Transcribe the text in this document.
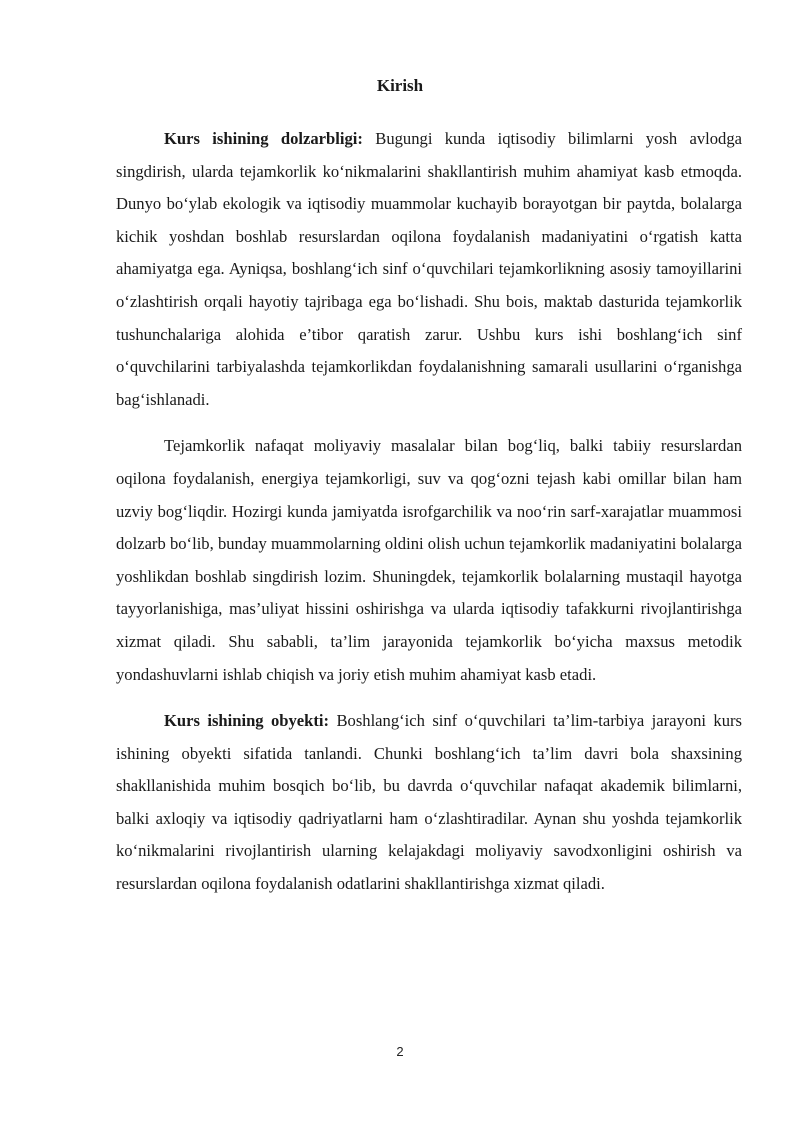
Kirish

Kurs ishining dolzarbligi: Bugungi kunda iqtisodiy bilimlarni yosh avlodga singdirish, ularda tejamkorlik ko‘nikmalarini shakllantirish muhim ahamiyat kasb etmoqda. Dunyo bo‘ylab ekologik va iqtisodiy muammolar kuchayib borayotgan bir paytda, bolalarga kichik yoshdan boshlab resurslardan oqilona foydalanish madaniyatini o‘rgatish katta ahamiyatga ega. Ayniqsa, boshlang‘ich sinf o‘quvchilari tejamkorlikning asosiy tamoyillarini o‘zlashtirish orqali hayotiy tajribaga ega bo‘lishadi. Shu bois, maktab dasturida tejamkorlik tushunchalariga alohida e’tibor qaratish zarur. Ushbu kurs ishi boshlang‘ich sinf o‘quvchilarini tarbiyalashda tejamkorlikdan foydalanishning samarali usullarini o‘rganishga bag‘ishlanadi.

Tejamkorlik nafaqat moliyaviy masalalar bilan bog‘liq, balki tabiiy resurslardan oqilona foydalanish, energiya tejamkorligi, suv va qog‘ozni tejash kabi omillar bilan ham uzviy bog‘liqdir. Hozirgi kunda jamiyatda isrofgarchilik va noo‘rin sarf-xarajatlar muammosi dolzarb bo‘lib, bunday muammolarning oldini olish uchun tejamkorlik madaniyatini bolalarga yoshlikdan boshlab singdirish lozim. Shuningdek, tejamkorlik bolalarning mustaqil hayotga tayyorlanishiga, mas’uliyat hissini oshirishga va ularda iqtisodiy tafakkurni rivojlantirishga xizmat qiladi. Shu sababli, ta’lim jarayonida tejamkorlik bo‘yicha maxsus metodik yondashuvlarni ishlab chiqish va joriy etish muhim ahamiyat kasb etadi.

Kurs ishining obyekti: Boshlang‘ich sinf o‘quvchilari ta’lim-tarbiya jarayoni kurs ishining obyekti sifatida tanlandi. Chunki boshlang‘ich ta’lim davri bola shaxsining shakllanishida muhim bosqich bo‘lib, bu davrda o‘quvchilar nafaqat akademik bilimlarni, balki axloqiy va iqtisodiy qadriyatlarni ham o‘zlashtiradilar. Aynan shu yoshda tejamkorlik ko‘nikmalarini rivojlantirish ularning kelajakdagi moliyaviy savodxonligini oshirish va resurslardan oqilona foydalanish odatlarini shakllantirishga xizmat qiladi.

2
